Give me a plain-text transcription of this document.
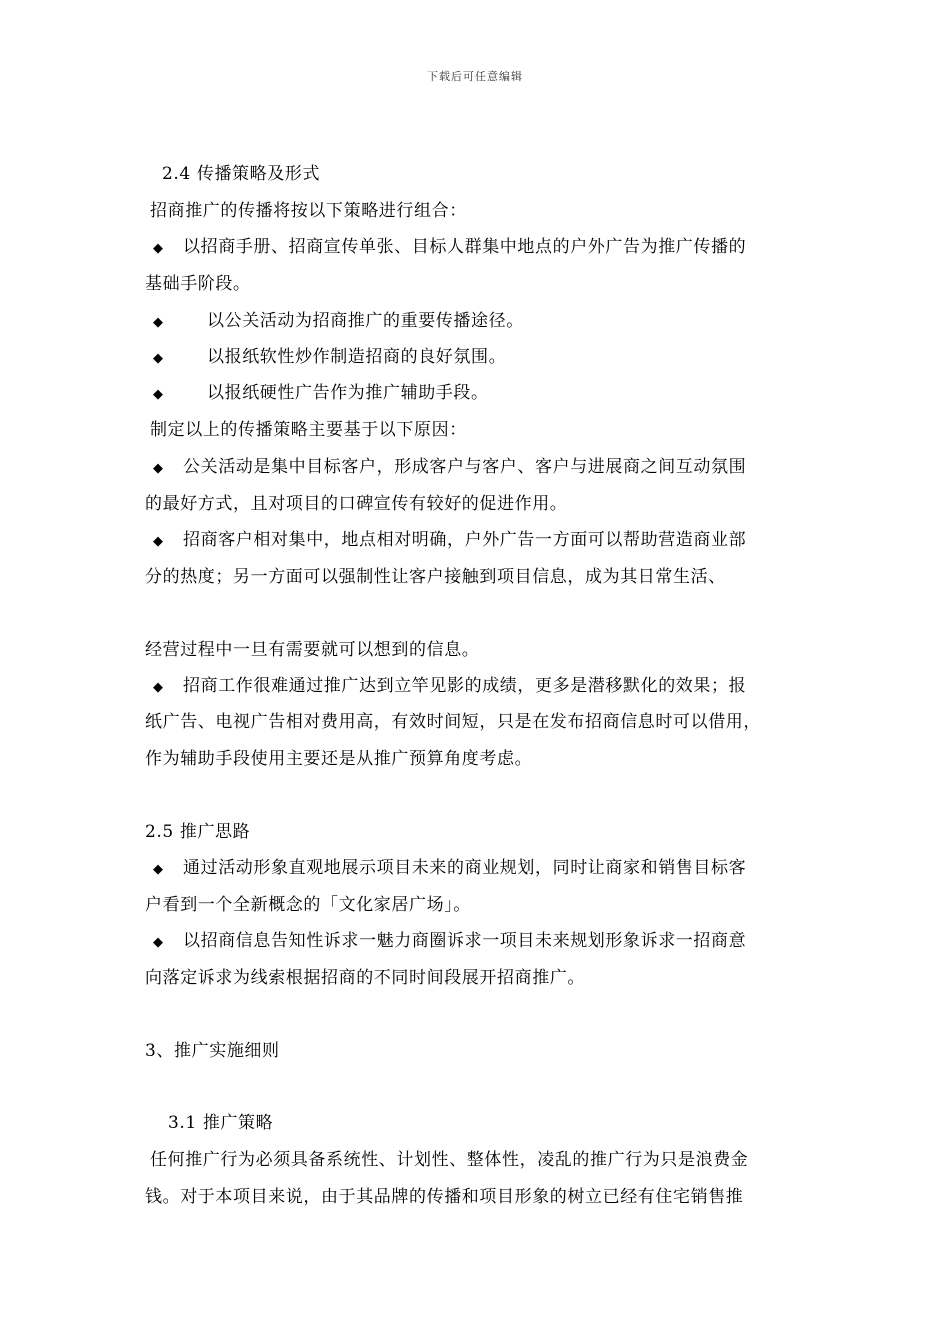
下载后可任意编辑
2.4 传播策略及形式
招商推广的传播将按以下策略进行组合：
◆ 以招商手册、招商宣传单张、目标人群集中地点的户外广告为推广传播的
基础手阶段。
◆	以公关活动为招商推广的重要传播途径。
◆	以报纸软性炒作制造招商的良好氛围。
◆	以报纸硬性广告作为推广辅助手段。
制定以上的传播策略主要基于以下原因：
◆ 公关活动是集中目标客户，形成客户与客户、客户与进展商之间互动氛围
的最好方式，且对项目的口碑宣传有较好的促进作用。
◆ 招商客户相对集中，地点相对明确，户外广告一方面可以帮助营造商业部
分的热度；另一方面可以强制性让客户接触到项目信息，成为其日常生活、
经营过程中一旦有需要就可以想到的信息。
◆ 招商工作很难通过推广达到立竿见影的成绩，更多是潜移默化的效果；报
纸广告、电视广告相对费用高，有效时间短，只是在发布招商信息时可以借用，
作为辅助手段使用主要还是从推广预算角度考虑。
2.5 推广思路
◆ 通过活动形象直观地展示项目未来的商业规划，同时让商家和销售目标客
户看到一个全新概念的「文化家居广场」。
◆ 以招商信息告知性诉求一魅力商圈诉求一项目未来规划形象诉求一招商意
向落定诉求为线索根据招商的不同时间段展开招商推广。
3、推广实施细则
3.1 推广策略
任何推广行为必须具备系统性、计划性、整体性，凌乱的推广行为只是浪费金
钱。对于本项目来说，由于其品牌的传播和项目形象的树立已经有住宅销售推
